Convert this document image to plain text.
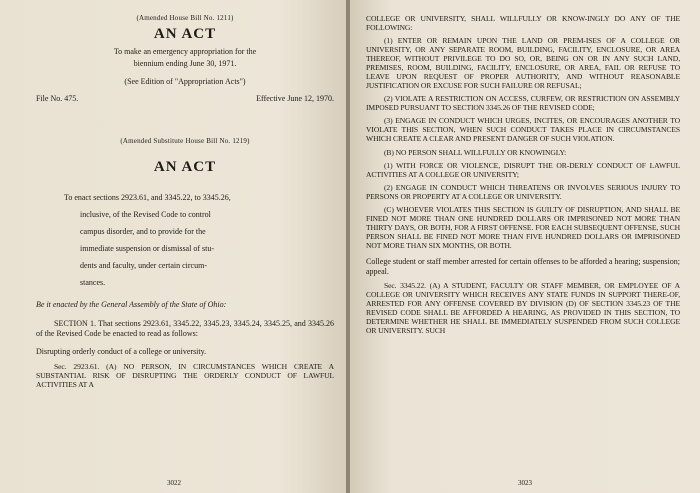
(Amended House Bill No. 1211)

AN ACT

To make an emergency appropriation for the

biennium ending June 30, 1971.

(See Edition of "Appropriation Acts")

File No. 475.	Effective June 12, 1970.

(Amended Substitute House Bill No. 1219)

AN ACT

To enact sections 2923.61, and 3345.22, to 3345.26,

inclusive, of the Revised Code to control

campus disorder, and to provide for the

immediate suspension or dismissal of stu-

dents and faculty, under certain circum-

stances.

Be it enacted by the General Assembly of the State of Ohio:

SECTION 1. That sections 2923.61, 3345.22, 3345.23, 3345.24, 3345.25, and 3345.26 of the Revised Code be enacted to read as follows:

Disrupting orderly conduct of a college or university.

Sec. 2923.61. (A) NO PERSON, IN CIRCUMSTANCES WHICH CREATE A SUBSTANTIAL RISK OF DISRUPTING THE ORDERLY CONDUCT OF LAWFUL ACTIVITIES AT A

3022

COLLEGE OR UNIVERSITY, SHALL WILLFULLY OR KNOW-INGLY DO ANY OF THE FOLLOWING:

(1) ENTER OR REMAIN UPON THE LAND OR PREM-ISES OF A COLLEGE OR UNIVERSITY, OR ANY SEPARATE ROOM, BUILDING, FACILITY, ENCLOSURE, OR AREA THEREOF, WITHOUT PRIVILEGE TO DO SO, OR, BEING ON OR IN ANY SUCH LAND, PREMISES, ROOM, BUILDING, FACILITY, ENCLOSURE, OR AREA, FAIL OR REFUSE TO LEAVE UPON REQUEST OF PROPER AUTHORITY, AND WITHOUT REASONABLE JUSTIFICATION OR EXCUSE FOR SUCH FAILURE OR REFUSAL;

(2) VIOLATE A RESTRICTION ON ACCESS, CURFEW, OR RESTRICTION ON ASSEMBLY IMPOSED PURSUANT TO SECTION 3345.26 OF THE REVISED CODE;

(3) ENGAGE IN CONDUCT WHICH URGES, INCITES, OR ENCOURAGES ANOTHER TO VIOLATE THIS SECTION, WHEN SUCH CONDUCT TAKES PLACE IN CIRCUMSTANCES WHICH CREATE A CLEAR AND PRESENT DANGER OF SUCH VIOLATION.

(B) NO PERSON SHALL WILLFULLY OR KNOWINGLY:

(1) WITH FORCE OR VIOLENCE, DISRUPT THE OR-DERLY CONDUCT OF LAWFUL ACTIVITIES AT A COLLEGE OR UNIVERSITY;

(2) ENGAGE IN CONDUCT WHICH THREATENS OR INVOLVES SERIOUS INJURY TO PERSONS OR PROPERTY AT A COLLEGE OR UNIVERSITY.

(C) WHOEVER VIOLATES THIS SECTION IS GUILTY OF DISRUPTION, AND SHALL BE FINED NOT MORE THAN ONE HUNDRED DOLLARS OR IMPRISONED NOT MORE THAN THIRTY DAYS, OR BOTH, FOR A FIRST OFFENSE. FOR EACH SUBSEQUENT OFFENSE, SUCH PERSON SHALL BE FINED NOT MORE THAN FIVE HUNDRED DOLLARS OR IMPRISONED NOT MORE THAN SIX MONTHS, OR BOTH.

College student or staff member arrested for certain offenses to be afforded a hearing; suspension; appeal.

Sec. 3345.22. (A) A STUDENT, FACULTY OR STAFF MEMBER, OR EMPLOYEE OF A COLLEGE OR UNIVERSITY WHICH RECEIVES ANY STATE FUNDS IN SUPPORT THERE-OF, ARRESTED FOR ANY OFFENSE COVERED BY DIVISION (D) OF SECTION 3345.23 OF THE REVISED CODE SHALL BE AFFORDED A HEARING, AS PROVIDED IN THIS SECTION, TO DETERMINE WHETHER HE SHALL BE IMMEDIATELY SUSPENDED FROM SUCH COLLEGE OR UNIVERSITY. SUCH

3023
